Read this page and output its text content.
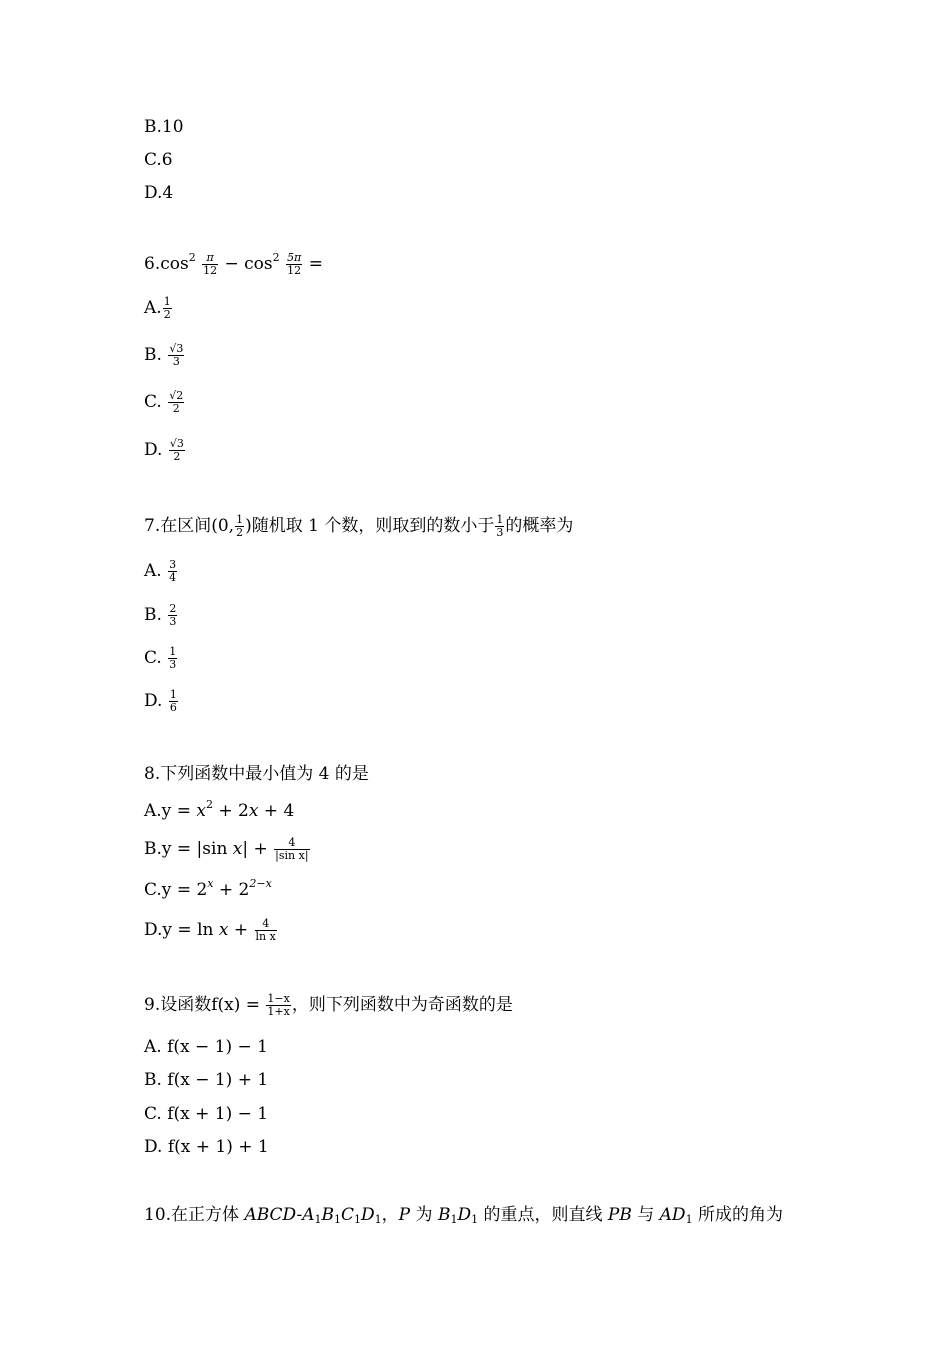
B.10
C.6
D.4
$6.\cos^2 \frac{\pi}{12} - \cos^2 \frac{5\pi}{12}$ =
A. $\frac{1}{2}$
B. $\frac{√3}{3}$
C. $\frac{√2}{2}$
D. $\frac{√3}{2}$
7.在区间(0, $\frac{1}{2}$ )随机取 1 个数，则取到的数小于 $\frac{1}{3}$ 的概率为
A. $\frac{3}{4}$
B. $\frac{2}{3}$
C. $\frac{1}{3}$
D. $\frac{1}{6}$
8.下列函数中最小值为 4 的是
$A.y = x^2 + 2x + 4$
B.y = |sin $x| + \frac{4}{\text{|sin x|}}$
$C.y = 2^x + 2^{2-x}$
$D.y = \ln x + \frac{4}{\text{ln x}}$
9.设函数$f(x) = \frac{1-x}{1+x}$ ，则下列函数中为奇函数的是
A. f(x − 1) − 1
B. f(x − 1) + 1
C. f(x + 1) − 1
D. f(x + 1) + 1
10.在正方体 ABCD-$A_1B_1C_1D_1$，P 为 $B_1D_1$ 的重点，则直线 PB 与 $AD_1$ 所成的角为
